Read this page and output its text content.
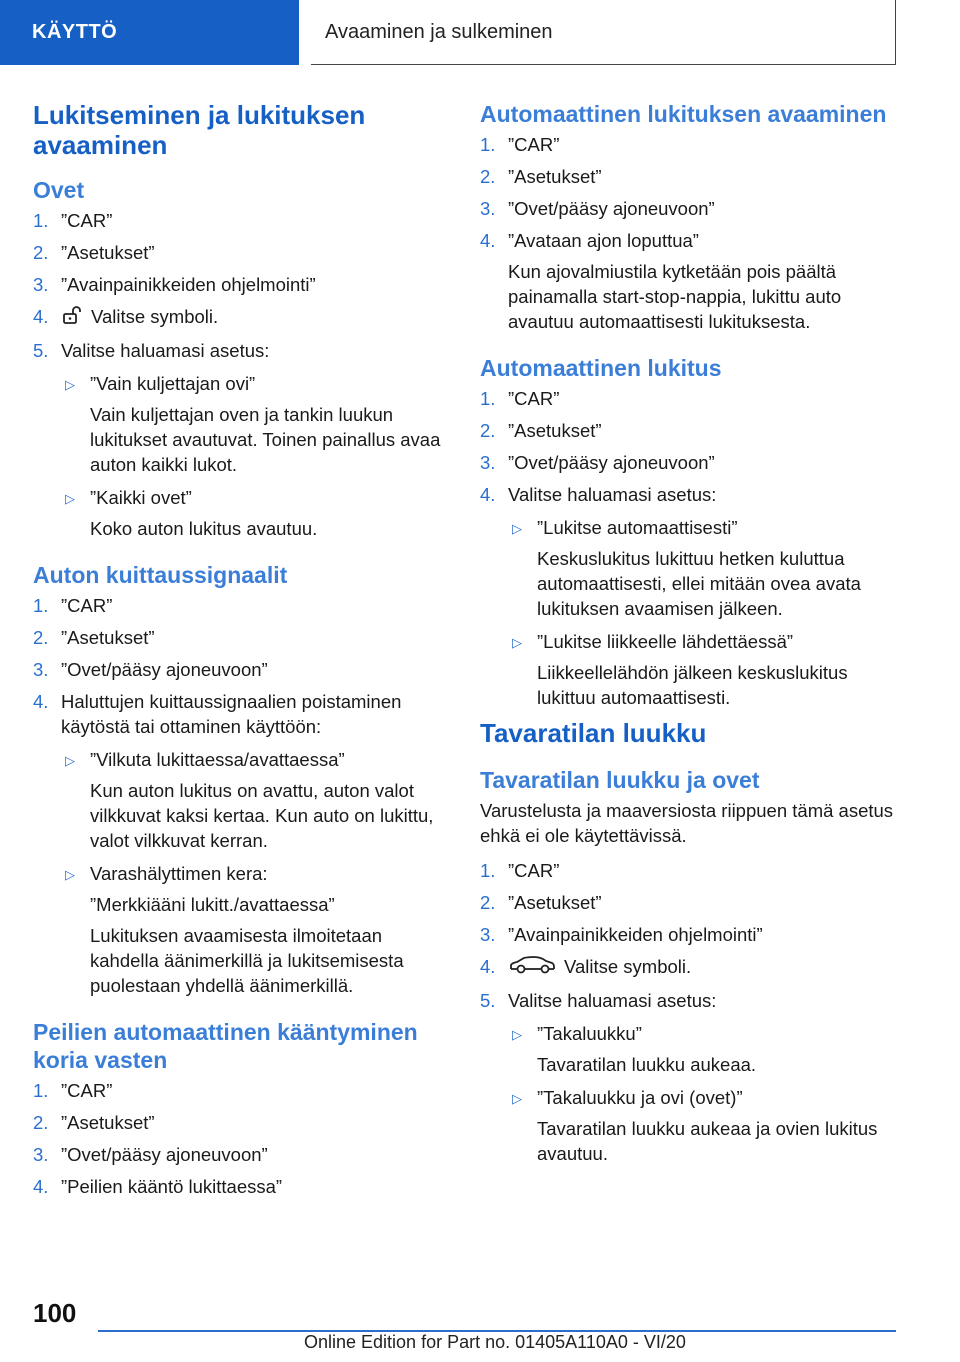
KÄYTTÖ	Avaaminen ja sulkeminen
Lukitseminen ja lukituksen avaaminen
Ovet
1. ”CAR”
2. ”Asetukset”
3. ”Avainpainikkeiden ohjelmointi”
4. Valitse symboli.
5. Valitse haluamasi asetus:
▷ ”Vain kuljettajan ovi”
Vain kuljettajan oven ja tankin luukun lukitukset avautuvat. Toinen painallus avaa auton kaikki lukot.
▷ ”Kaikki ovet”
Koko auton lukitus avautuu.
Auton kuittaussignaalit
1. ”CAR”
2. ”Asetukset”
3. ”Ovet/pääsy ajoneuvoon”
4. Haluttujen kuittaussignaalien poistaminen käytöstä tai ottaminen käyttöön:
▷ ”Vilkuta lukittaessa/avattaessa”
Kun auton lukitus on avattu, auton valot vilkkuvat kaksi kertaa. Kun auto on lukittu, valot vilkkuvat kerran.
▷ Varashälyttimen kera:
”Merkkiääni lukitt./avattaessa”
Lukituksen avaamisesta ilmoitetaan kahdella äänimerkillä ja lukitsemisesta puolestaan yhdellä äänimerkillä.
Peilien automaattinen kääntyminen koria vasten
1. ”CAR”
2. ”Asetukset”
3. ”Ovet/pääsy ajoneuvoon”
4. ”Peilien kääntö lukittaessa”
Automaattinen lukituksen avaaminen
1. ”CAR”
2. ”Asetukset”
3. ”Ovet/pääsy ajoneuvoon”
4. ”Avataan ajon loputtua”
Kun ajovalmiustila kytketään pois päältä painamalla start-stop-nappia, lukittu auto avautuu automaattisesti lukituksesta.
Automaattinen lukitus
1. ”CAR”
2. ”Asetukset”
3. ”Ovet/pääsy ajoneuvoon”
4. Valitse haluamasi asetus:
▷ ”Lukitse automaattisesti”
Keskuslukitus lukittuu hetken kuluttua automaattisesti, ellei mitään ovea avata lukituksen avaamisen jälkeen.
▷ ”Lukitse liikkeelle lähdettäessä”
Liikkeellelähdön jälkeen keskuslukitus lukittuu automaattisesti.
Tavaratilan luukku
Tavaratilan luukku ja ovet
Varustelusta ja maaversiosta riippuen tämä asetus ehkä ei ole käytettävissä.
1. ”CAR”
2. ”Asetukset”
3. ”Avainpainikkeiden ohjelmointi”
4.	Valitse symboli.
5. Valitse haluamasi asetus:
▷ ”Takaluukku”
Tavaratilan luukku aukeaa.
▷ ”Takaluukku ja ovi (ovet)”
Tavaratilan luukku aukeaa ja ovien lukitus avautuu.
100
Online Edition for Part no. 01405A110A0 - VI/20
